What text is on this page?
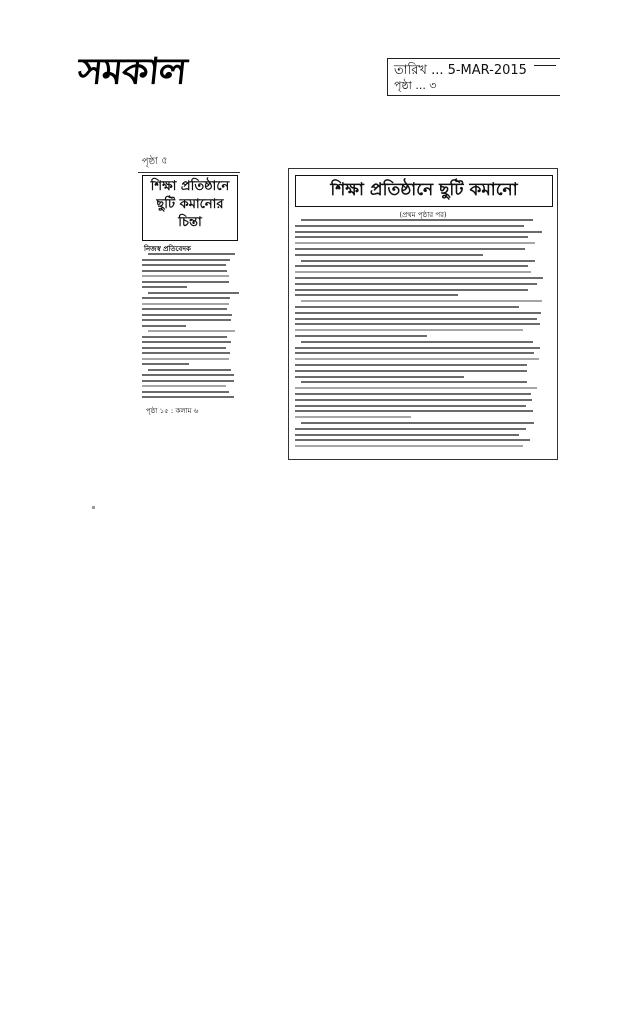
সমকাল	তারিখ ... 5-MAR-2015
পৃষ্ঠা ... ৩
পৃষ্ঠা ৫
শিক্ষা প্রতিষ্ঠানে ছুটি কমানোর চিন্তা
নিজস্ব প্রতিবেদক
পৃষ্ঠা ১৫ : কলাম ৬
শিক্ষা প্রতিষ্ঠানে ছুটি কমানো
(প্রথম পৃষ্ঠার পর)
